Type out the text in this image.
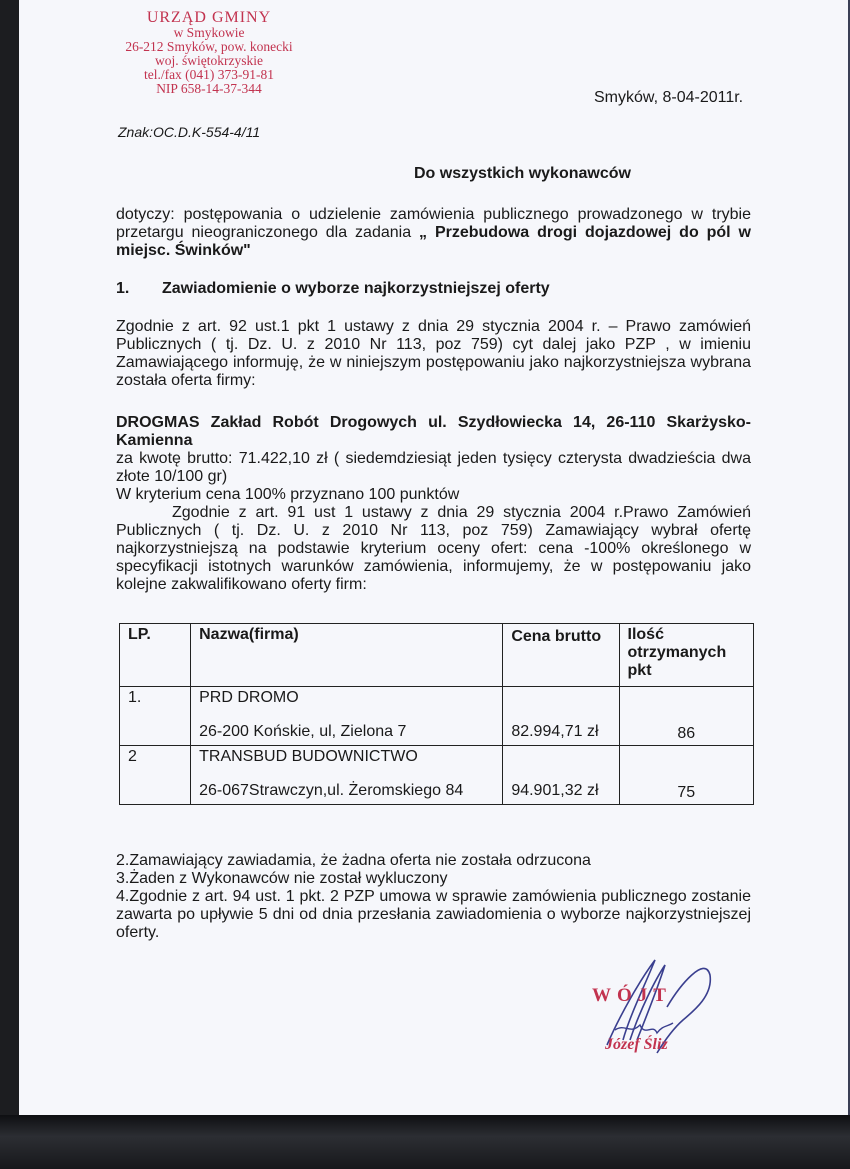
URZĄD GMINY
w Smykowie
26-212 Smyków, pow. konecki
woj. świętokrzyskie
tel./fax (041) 373-91-81
NIP 658-14-37-344
Smyków, 8-04-2011r.
Znak:OC.D.K-554-4/11
Do wszystkich wykonawców
dotyczy: postępowania o udzielenie zamówienia publicznego prowadzonego w trybie przetargu nieograniczonego dla zadania „ Przebudowa drogi dojazdowej do pól w miejsc. Świnków"
1. Zawiadomienie o wyborze najkorzystniejszej oferty
Zgodnie z art. 92 ust.1 pkt 1 ustawy z dnia 29 stycznia 2004 r. – Prawo zamówień Publicznych ( tj. Dz. U. z 2010 Nr 113, poz 759) cyt dalej jako PZP , w imieniu Zamawiającego informuję, że w niniejszym postępowaniu jako najkorzystniejsza wybrana została oferta firmy:
DROGMAS Zakład Robót Drogowych ul. Szydłowiecka 14, 26-110 Skarżysko-Kamienna
za kwotę brutto: 71.422,10 zł ( siedemdziesiąt jeden tysięcy czterysta dwadzieścia dwa złote 10/100 gr)
W kryterium cena 100% przyznano 100 punktów
Zgodnie z art. 91 ust 1 ustawy z dnia 29 stycznia 2004 r.Prawo Zamówień Publicznych ( tj. Dz. U. z 2010 Nr 113, poz 759) Zamawiający wybrał ofertę najkorzystniejszą na podstawie kryterium oceny ofert: cena -100% określonego w specyfikacji istotnych warunków zamówienia, informujemy, że w postępowaniu jako kolejne zakwalifikowano oferty firm:
LP.	Nazwa(firma)	Cena brutto	Ilość otrzymanych pkt
1.	PRD DROMO
26-200 Końskie, ul, Zielona 7	82.994,71 zł	86
2	TRANSBUD BUDOWNICTWO
26-067Strawczyn,ul. Żeromskiego 84	94.901,32 zł	75
2.Zamawiający zawiadamia, że żadna oferta nie została odrzucona
3.Żaden z Wykonawców nie został wykluczony
4.Zgodnie z art. 94 ust. 1 pkt. 2 PZP umowa w sprawie zamówienia publicznego zostanie zawarta po upływie 5 dni od dnia przesłania zawiadomienia o wyborze najkorzystniejszej oferty.
WÓJT
Józef Śliz
